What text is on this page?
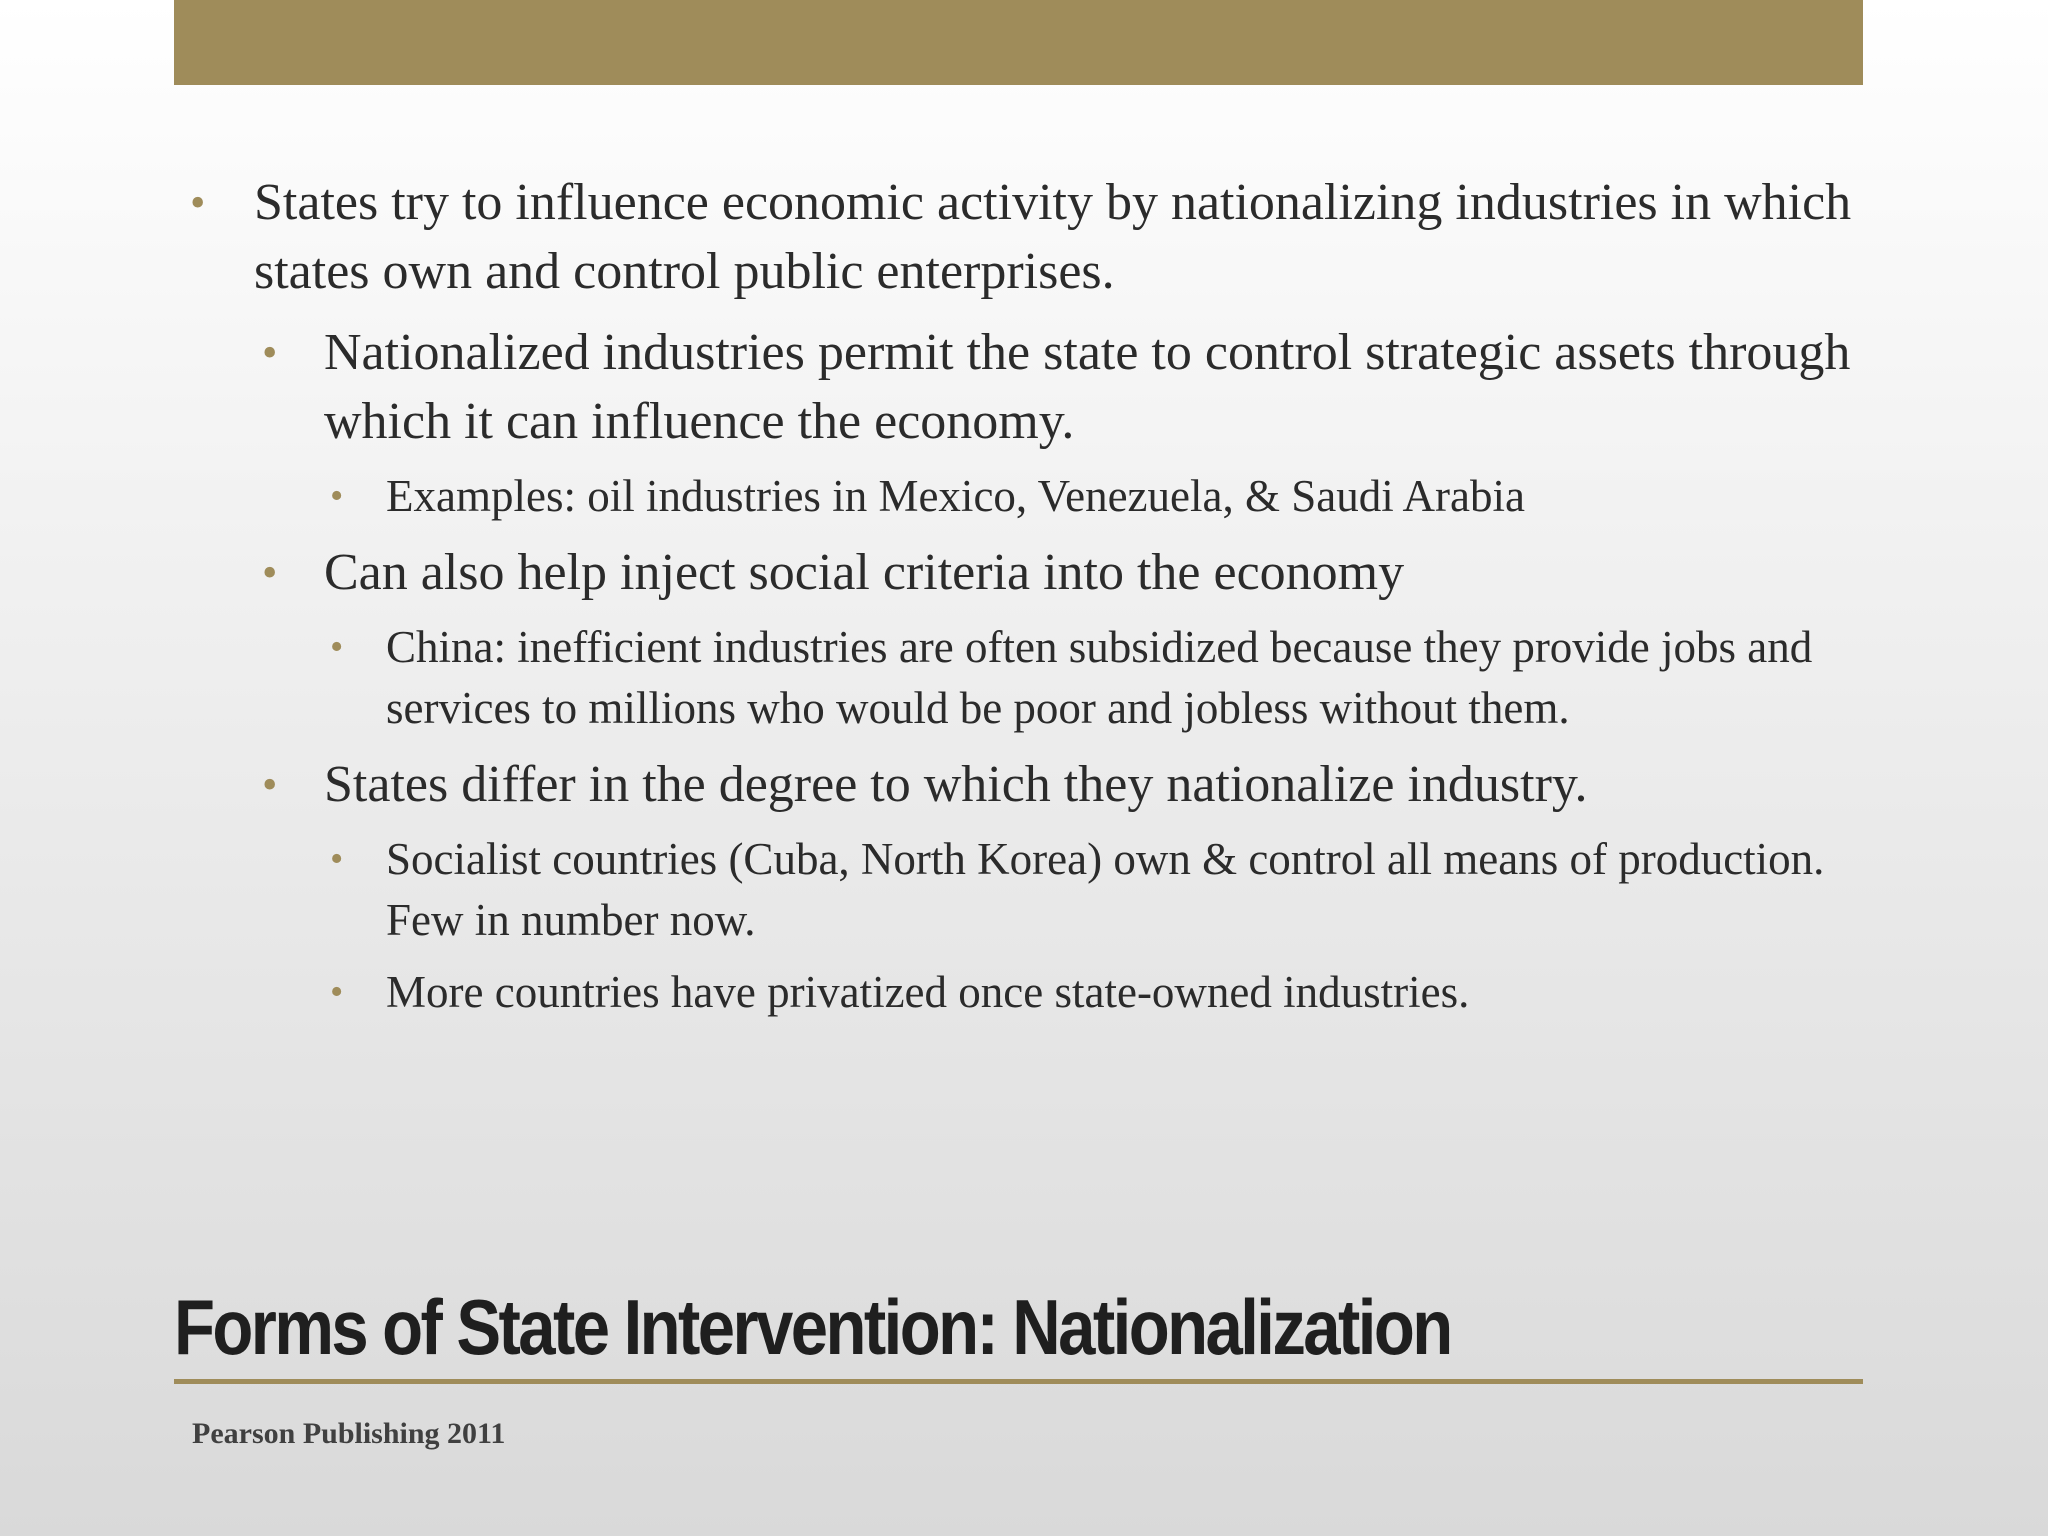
• States try to influence economic activity by nationalizing industries in which states own and control public enterprises.
• Nationalized industries permit the state to control strategic assets through which it can influence the economy.
• Examples: oil industries in Mexico, Venezuela, & Saudi Arabia
• Can also help inject social criteria into the economy
• China: inefficient industries are often subsidized because they provide jobs and services to millions who would be poor and jobless without them.
• States differ in the degree to which they nationalize industry.
• Socialist countries (Cuba, North Korea) own & control all means of production. Few in number now.
• More countries have privatized once state-owned industries.
Forms of State Intervention: Nationalization
Pearson Publishing 2011
